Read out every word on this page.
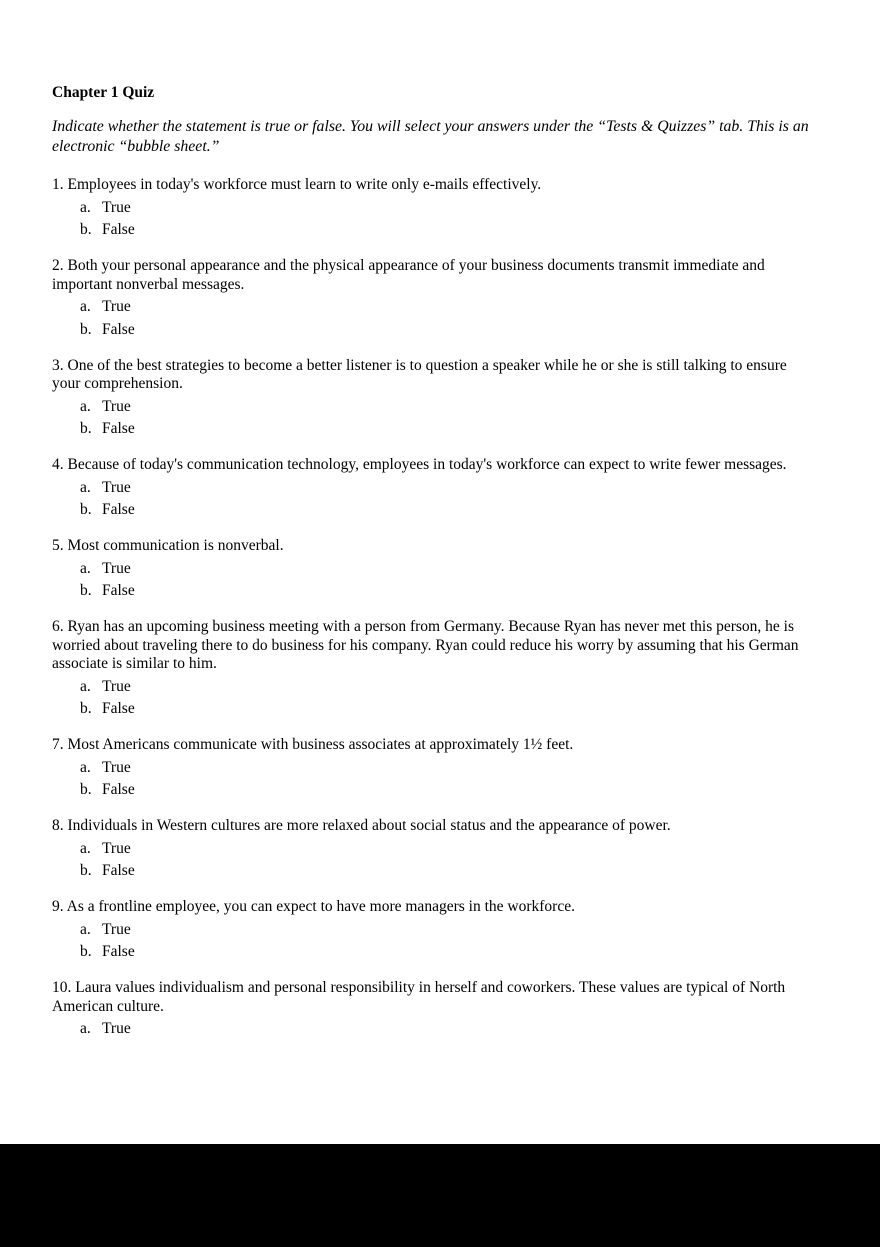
Chapter 1 Quiz

Indicate whether the statement is true or false. You will select your answers under the “Tests & Quizzes” tab. This is an electronic “bubble sheet.”

1. Employees in today's workforce must learn to write only e-mails effectively.

a. True
b. False

2. Both your personal appearance and the physical appearance of your business documents transmit immediate and important nonverbal messages.

a. True
b. False

3. One of the best strategies to become a better listener is to question a speaker while he or she is still talking to ensure your comprehension.

a. True
b. False

4. Because of today's communication technology, employees in today's workforce can expect to write fewer messages.

a. True
b. False

5. Most communication is nonverbal.

a. True
b. False

6. Ryan has an upcoming business meeting with a person from Germany. Because Ryan has never met this person, he is worried about traveling there to do business for his company. Ryan could reduce his worry by assuming that his German associate is similar to him.

a. True
b. False

7. Most Americans communicate with business associates at approximately 1½ feet.

a. True
b. False

8. Individuals in Western cultures are more relaxed about social status and the appearance of power.

a. True
b. False

9. As a frontline employee, you can expect to have more managers in the workforce.

a. True
b. False

10. Laura values individualism and personal responsibility in herself and coworkers. These values are typical of North American culture.

a. True
